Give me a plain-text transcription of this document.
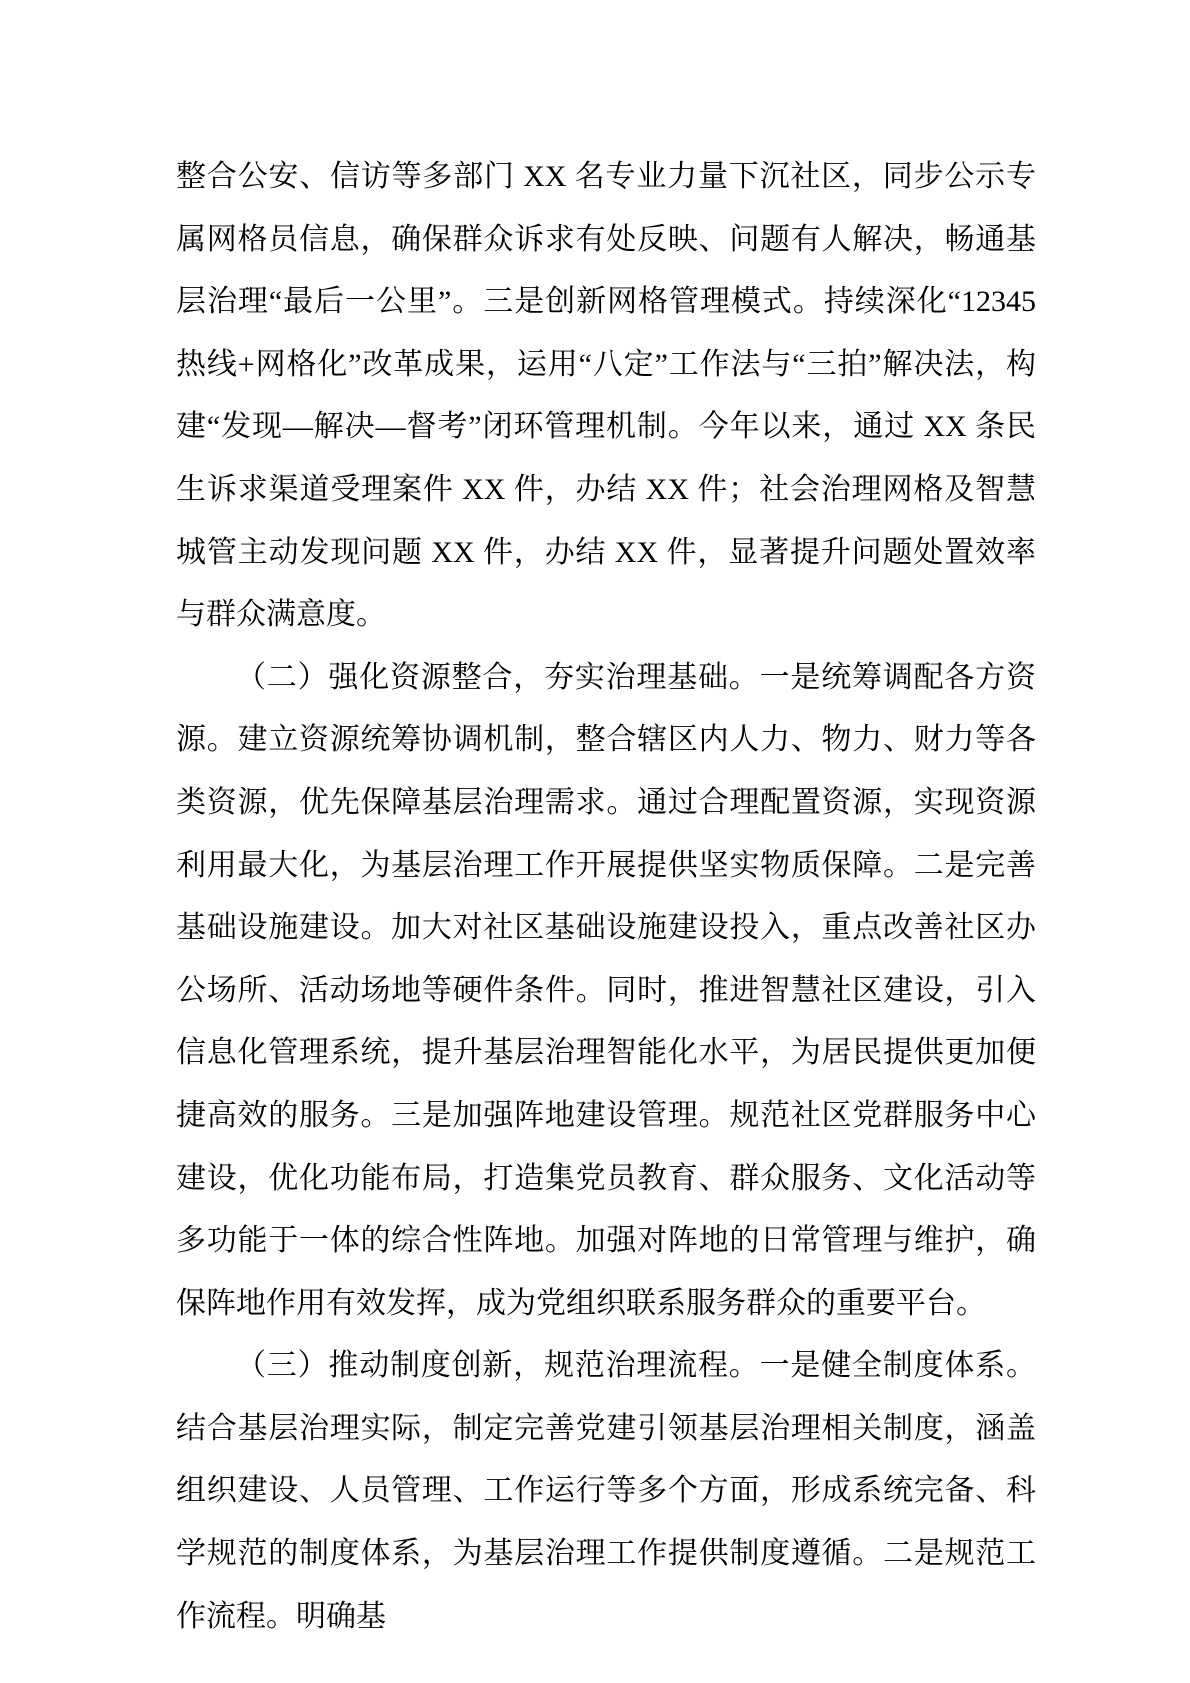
整合公安、信访等多部门 XX 名专业力量下沉社区，同步公示专属网格员信息，确保群众诉求有处反映、问题有人解决，畅通基层治理“最后一公里”。三是创新网格管理模式。持续深化“12345 热线+网格化”改革成果，运用“八定”工作法与“三拍”解决法，构建“发现—解决—督考”闭环管理机制。今年以来，通过 XX 条民生诉求渠道受理案件 XX 件，办结 XX 件；社会治理网格及智慧城管主动发现问题 XX 件，办结 XX 件，显著提升问题处置效率与群众满意度。

（二）强化资源整合，夯实治理基础。一是统筹调配各方资源。建立资源统筹协调机制，整合辖区内人力、物力、财力等各类资源，优先保障基层治理需求。通过合理配置资源，实现资源利用最大化，为基层治理工作开展提供坚实物质保障。二是完善基础设施建设。加大对社区基础设施建设投入，重点改善社区办公场所、活动场地等硬件条件。同时，推进智慧社区建设，引入信息化管理系统，提升基层治理智能化水平，为居民提供更加便捷高效的服务。三是加强阵地建设管理。规范社区党群服务中心建设，优化功能布局，打造集党员教育、群众服务、文化活动等多功能于一体的综合性阵地。加强对阵地的日常管理与维护，确保阵地作用有效发挥，成为党组织联系服务群众的重要平台。

（三）推动制度创新，规范治理流程。一是健全制度体系。结合基层治理实际，制定完善党建引领基层治理相关制度，涵盖组织建设、人员管理、工作运行等多个方面，形成系统完备、科学规范的制度体系，为基层治理工作提供制度遵循。二是规范工作流程。明确基
